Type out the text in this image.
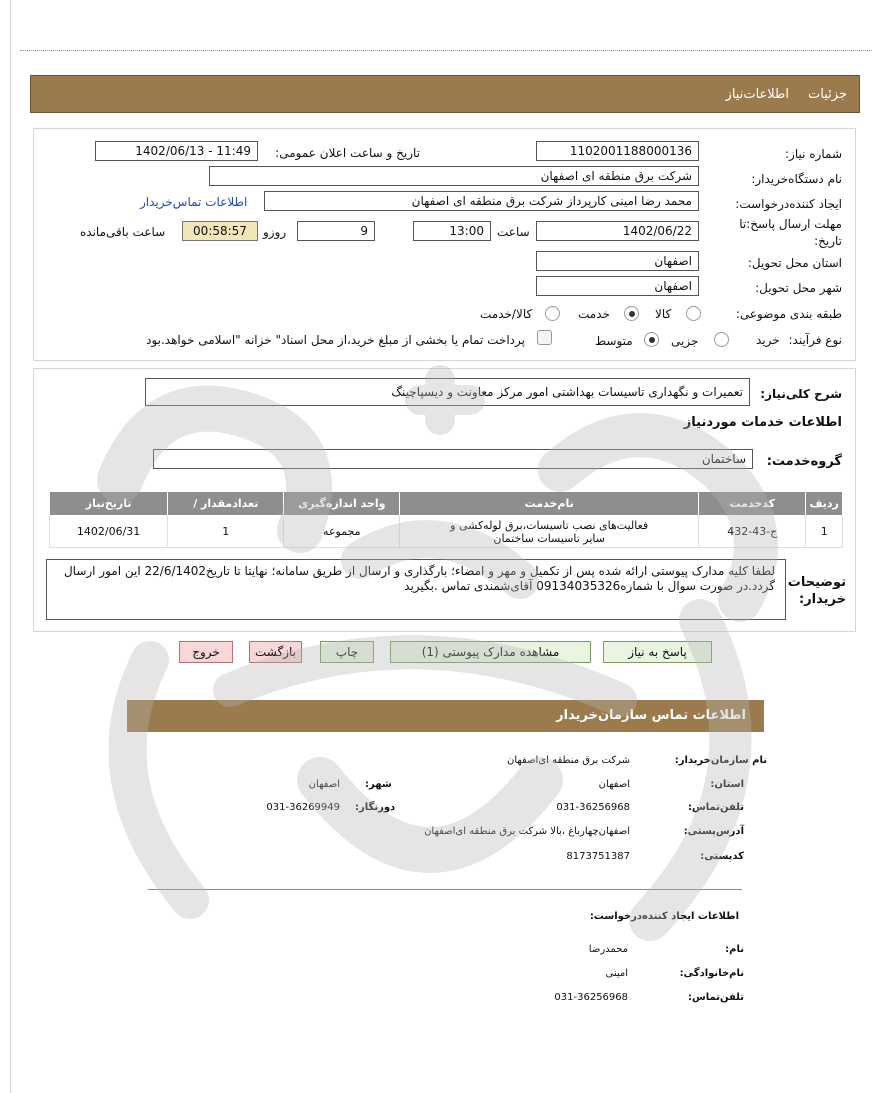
جزئیات
اطلاعات‌نیاز
شماره نیاز:
1102001188000136
تاریخ و ساعت اعلان عمومی:
1402/06/13 - 11:49
نام دستگاه‌خریدار:
شرکت برق منطقه ای اصفهان
ایجاد کننده‌درخواست:
محمد رضا امینی کارپرداز شرکت برق منطقه ای اصفهان
اطلاعات تماس‌خریدار
مهلت ارسال پاسخ:تا
تاریخ:
1402/06/22
ساعت
13:00
9
روزو
00:58:57
ساعت باقی‌مانده
استان محل تحویل:
اصفهان
شهر محل تحویل:
اصفهان
طبقه بندی موضوعی:
کالا
خدمت
کالا/خدمت
نوع فرآیند:
خرید
جزیی
متوسط
پرداخت تمام یا بخشی از مبلغ خرید،از محل اسناد" خزانه "اسلامی خواهد.بود
شرح کلی‌نیاز:
تعمیرات و نگهداری تاسیسات بهداشتی امور مرکز معاونت و دیسپاچینگ
اطلاعات خدمات مورد‌نیاز
گروه‌خدمت:
ساختمان
ردیف	کدخدمت	نام‌خدمت	واحد اندازه‌گیری	تعداد‌مقدار /	تاریخ‌نیاز
1	ج-43-432	فعالیت‌های نصب تاسیسات،برق لوله‌کشی و سایر تاسیسات ساختمان	مجموعه	1	1402/06/31
توضیحات
خریدار:
لطفا کلیه مدارک پیوستی ارائه شده پس از تکمیل و مهر و امضاء؛ بارگذاری و ارسال از طریق سامانه؛ نهایتا تا تاریخ22/6/1402 این امور ارسال گردد.در صورت سوال با شماره09134035326 آقای‌شمندی تماس .بگیرید
پاسخ به نیاز
مشاهده مدارک پیوستی (1)
چاپ
بازگشت
خروج
اطلاعات تماس سازمان‌خریدار
نام سازمان‌خریدار:
شرکت برق منطقه ای‌اصفهان
استان:
اصفهان
شهر:
اصفهان
تلفن‌تماس:
031-36256968
دورنگار:
031-36269949
آدرس‌پستی:
اصفهان‌چهارباغ ،بالا شرکت برق منطقه ای‌اصفهان
کد‌پستی:
8173751387
اطلاعات ایجاد کننده‌درخواست:
نام:
محمد‌رضا
نام‌خانوادگی:
امینی
تلفن‌تماس:
031-36256968
